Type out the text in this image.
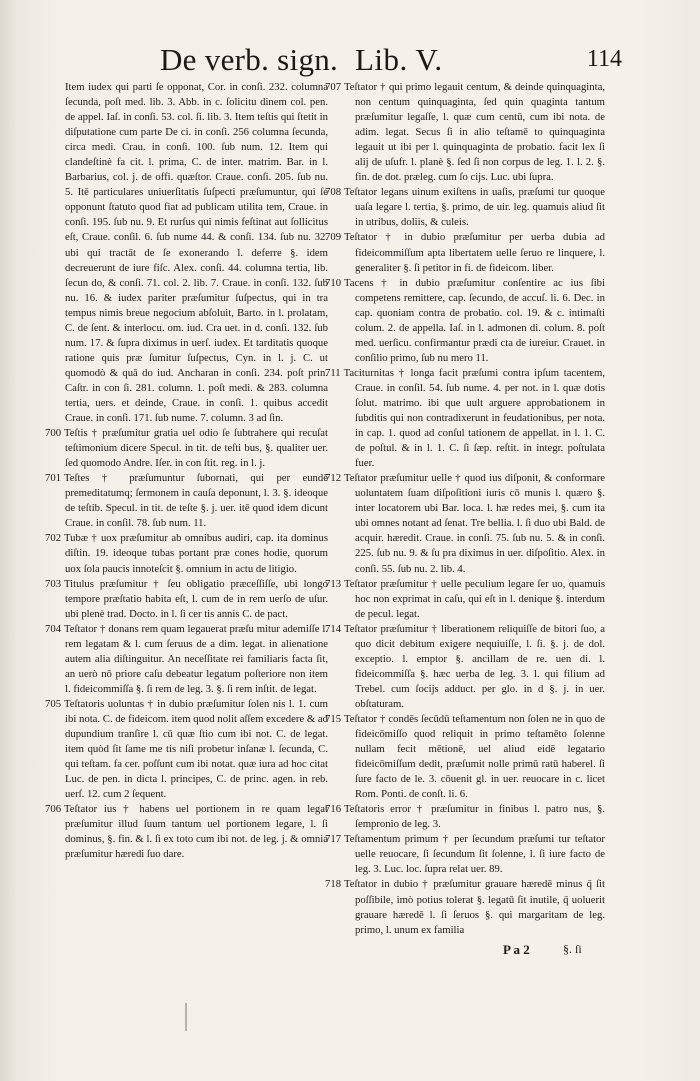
De verb. sign. Lib. V.	114

Item iudex qui parti ſe opponat, Cor. in conſi. 232. columna ſecunda, poſt med. lib. 3. Abb. in c. ſolicitu dinem col. pen. de appel. Iaſ. in conſi. 53. col. ſi. lib. 3. Item teſtis qui ſtetit in diſputatione cum parte De ci. in conſi. 256 columna ſecunda, circa medi. Crau. in conſi. 100. ſub num. 12. Item qui clandeſtinè fa cit. l. prima, C. de inter. matrim. Bar. in l. Barbarius, col. j. de offi. quæſtor. Craue. conſi. 205. ſub nu. 5. Itē particulares uniuerſitatis ſuſpecti præſumuntur, qui ſe opponunt ſtatuto quod fiat ad publicam utilita tem, Craue. in conſi. 195. ſub nu. 9. Et rurſus qui nimis feſtinat aut ſollicitus eſt, Craue. conſil. 6. ſub nume 44. & conſi. 134. ſub nu. 32. ubi qui tractāt de ſe exonerando l. deferre §. idem decreuerunt de iure fiſc. Alex. conſi. 44. columna tertia, lib. ſecun do, & conſi. 71. col. 2. lib. 7. Craue. in conſi. 132. ſub nu. 16. & iudex pariter præſumitur ſuſpectus, qui in tra tempus nimis breue negocium abſoluit, Barto. in l. prolatam, C. de ſent. & interlocu. om. iud. Cra uet. in d. conſi. 132. ſub num. 17. & ſupra diximus in uerſ. iudex. Et tarditatis quoque ratione quis præ ſumitur ſuſpectus, Cyn. in l. j. C. ut quomodò & quā do iud. Ancharan in conſi. 234. poſt prin. Caſtr. in con ſi. 281. column. 1. poſt medi. & 283. columna tertia, uers. et deinde, Craue. in conſi. 1. quibus accedit Craue. in conſi. 171. ſub nume. 7. column. 3 ad ſin.

700 Teſtis † præſumitur gratia uel odio ſe ſubtrahere qui recuſat teſtimonium dicere Specul. in tit. de teſti bus, §. qualiter uer. ſed quomodo Andre. Iſer. in con ſtit. reg. in l. j.

701 Teſtes † præſumuntur ſubornati, qui per eundē premeditatumq; ſermonem in cauſa deponunt, l. 3. §. ideoque de teſtib. Specul. in tit. de teſte §. j. uer. itē quod idem dicunt Craue. in conſil. 78. ſub num. 11.

702 Tubæ † uox præſumitur ab omnibus audiri, cap. ita dominus diſtin. 19. ideoque tubas portant præ cones hodie, quorum uox ſola paucis innoteſcit §. omnium in actu de litigio.

703 Titulus præſumitur † ſeu obligatio præceſſiſſe, ubi longo tempore præſtatio habita eſt, l. cum de in rem uerſo de uſur. ubi plenè trad. Docto. in l. ſi cer tis annis C. de pact.

704 Teſtator † donans rem quam legauerat præſu mitur ademiſſe l. rem legatam & l. cum ſeruus de a dim. legat. in alienatione autem alia diſtinguitur. An neceſſitate rei familiaris facta ſit, an uerò nō priore caſu debeatur legatum poſteriore non item l. fideicommiſſa §. ſi rem de leg. 3. §. ſi rem inſtit. de legat.

705 Teſtatoris uoluntas † in dubio præſumitur ſolen nis l. 1. cum ibi nota. C. de fideicom. item quod nolit aſſem excedere & ad dupundium tranſire l. cū quæ ſtio cum ibi not. C. de legat. item quòd ſit ſame me tis niſi probetur inſanæ l. ſecunda, C. qui teſtam. fa cer. poſſunt cum ibi notat. quæ iura ad hoc citat Luc. de pen. in dicta l. principes, C. de princ. agen. in reb. uerſ. 12. cum 2 ſequent.

706 Teſtator ius † habens uel portionem in re quam legat præſumitur illud ſuum tantum uel portionem legare, l. ſi dominus, §. fin. & l. ſi ex toto cum ibi not. de leg. j. & omnia præſumitur hæredi ſuo dare.

707 Teſtator † qui primo legauit centum, & deinde quinquaginta, non centum quinquaginta, ſed quin quaginta tantum præſumitur legaſſe, l. quæ cum centū, cum ibi nota. de adim. legat. Secus ſi in alio teſtamē to quinquaginta legauit ut ibi per l. quinquaginta de probatio. facit lex ſi alij de uſufr. l. planè §. ſed ſi non corpus de leg. 1. l. 2. §. fin. de dot. præleg. cum ſo cijs. Luc. ubi ſupra.

708 Teſtator legans uinum exiſtens in uaſis, præſumi tur quoque uaſa legare l. tertia, §. primo, de uir. leg. quamuis aliud ſit in utribus, doliis, & culeis.

709 Teſtator † in dubio præſumitur per uerba dubia ad fideicommiſſum apta libertatem uelle ſeruo re linquere, l. generaliter §. ſi petitor in fi. de fideicom. liber.

710 Tacens † in dubio præſumitur conſentire ac ius ſibi competens remittere, cap. ſecundo, de accuſ. li. 6. Dec. in cap. quoniam contra de probatio. col. 19. & c. intimaſti colum. 2. de appella. Iaſ. in l. admonen di. colum. 8. poſt med. uerſicu. confirmantur prædi cta de iureiur. Crauet. in conſilio primo, ſub nu mero 11.

711 Taciturnitas † longa facit præſumi contra ipſum tacentem, Craue. in conſil. 54. ſub nume. 4. per not. in l. quæ dotis ſolut. matrimo. ibi que uult arguere approbationem in ſubditis qui non contradixerunt in feudationibus, per nota. in cap. 1. quod ad conſul tationem de appellat. in l. 1. C. de poſtul. & in l. 1. C. ſi ſæp. reſtit. in integr. poſtulata fuer.

712 Teſtator præſumitur uelle † quod ius diſponit, & conformare uoluntatem ſuam diſpoſitioni iuris cō munis l. quæro §. inter locatorem ubi Bar. loca. l. hæ redes mei, §. cum ita ubi omnes notant ad ſenat. Tre bellia. l. ſi duo ubi Bald. de acquir. hæredit. Craue. in conſi. 75. ſub nu. 5. & in conſi. 225. ſub nu. 9. & ſu pra diximus in uer. diſpoſitio. Alex. in conſi. 55. ſub nu. 2. lib. 4.

713 Teſtator præſumitur † uelle peculium legare ſer uo, quamuis hoc non exprimat in caſu, qui eſt in l. denique §. interdum de pecul. legat.

714 Teſtator præſumitur † liberationem reliquiſſe de bitori ſuo, a quo dicit debitum exigere nequiuiſſe, l. ſi. §. j. de dol. exceptio. l. emptor §. ancillam de re. uen di. l. fideicommiſſa §. hæc uerba de leg. 3. l. qui filium ad Trebel. cum ſocijs adduct. per glo. in d §. j. in uer. obſtaturam.

715 Teſtator † condēs ſecūdū teſtamentum non ſolen ne in quo de fideicōmiſſo quod reliquit in primo teſtamēto ſolenne nullam fecit mētionē, uel aliud eidē legatario fideicōmiſſum dedit, præſumit nolle primū ratū haberel. ſi ſure facto de le. 3. cōuenit gl. in uer. reuocare in c. licet Rom. Ponti. de conſt. li. 6.

716 Teſtatoris error † præſumitur in finibus l. patro nus, §. ſempronio de leg. 3.

717 Teſtamentum primum † per ſecundum præſumi tur teſtator uelle reuocare, ſi ſecundum ſit ſolenne, l. ſi iure facto de leg. 3. Luc. loc. ſupra relat uer. 89.

718 Teſtator in dubio † præſumitur grauare hæredē minus q̄ ſit poſſibile, imò potius tolerat §. legatū ſit inutile, q̄ uoluerit grauare hæredē l. ſi ſeruos §. qui margaritam de leg. primo, l. unum ex familia

P a 2	§. ſi
